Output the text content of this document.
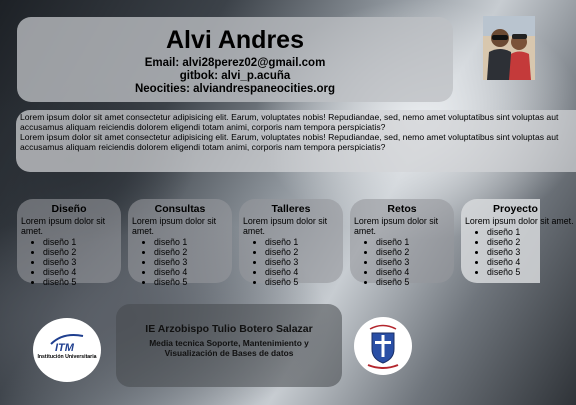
Alvi Andres
Email: alvi28perez02@gmail.com
gitbok: alvi_p.acuña
Neocities: alviandrespaneocities.org

Lorem ipsum dolor sit amet consectetur adipisicing elit. Earum, voluptates nobis! Repudiandae, sed, nemo amet voluptatibus sint voluptas aut accusamus aliquam reiciendis dolorem eligendi totam animi, corporis nam tempora perspiciatis?

Lorem ipsum dolor sit amet consectetur adipisicing elit. Earum, voluptates nobis! Repudiandae, sed, nemo amet voluptatibus sint voluptas aut accusamus aliquam reiciendis dolorem eligendi totam animi, corporis nam tempora perspiciatis?

Diseño
Lorem ipsum dolor sit amet.
• diseño 1
• diseño 2
• diseño 3
• diseño 4
• diseño 5
Consultas
Lorem ipsum dolor sit amet.
• diseño 1
• diseño 2
• diseño 3
• diseño 4
• diseño 5
Talleres
Lorem ipsum dolor sit amet.
• diseño 1
• diseño 2
• diseño 3
• diseño 4
• diseño 5
Retos
Lorem ipsum dolor sit amet.
• diseño 1
• diseño 2
• diseño 3
• diseño 4
• diseño 5
Proyecto
Lorem ipsum dolor sit amet.
• diseño 1
• diseño 2
• diseño 3
• diseño 4
• diseño 5
ITM
Institución Universitaria
IE Arzobispo Tulio Botero Salazar
Media tecnica Soporte, Mantenimiento y
Visualización de Bases de datos
